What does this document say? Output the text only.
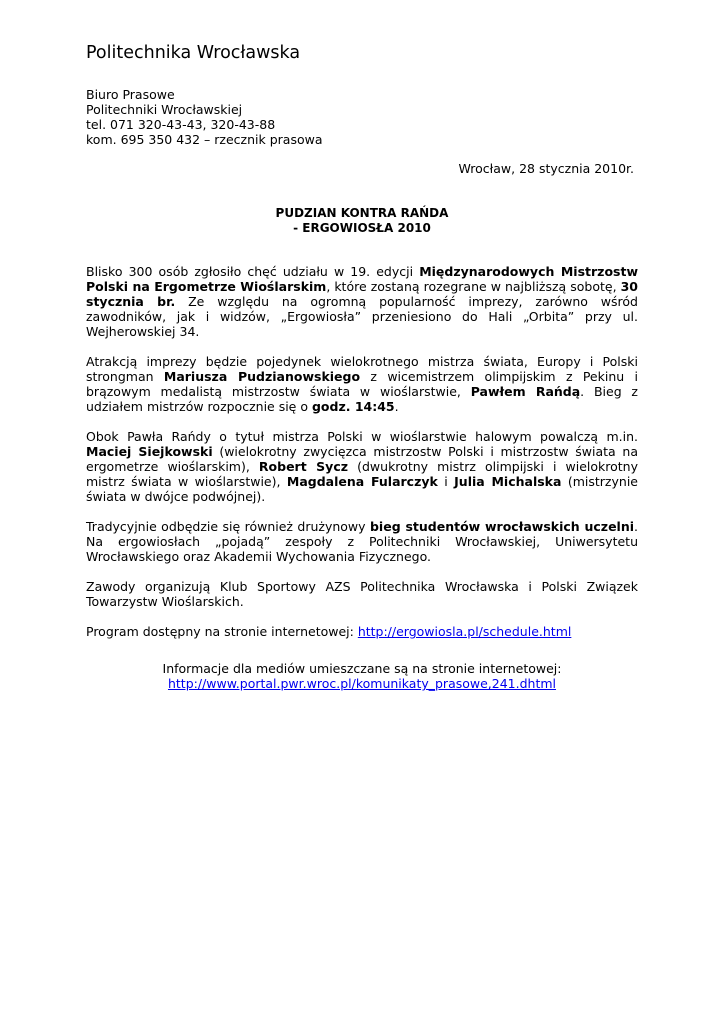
Politechnika Wrocławska
Biuro Prasowe
Politechniki Wrocławskiej
tel. 071 320-43-43, 320-43-88
kom. 695 350 432 – rzecznik prasowa
Wrocław, 28 stycznia 2010r.
PUDZIAN KONTRA RAŃDA
- ERGOWIOSŁA 2010

Blisko 300 osób zgłosiło chęć udziału w 19. edycji Międzynarodowych Mistrzostw Polski na Ergometrze Wioślarskim, które zostaną rozegrane w najbliższą sobotę, 30 stycznia br. Ze względu na ogromną popularność imprezy, zarówno wśród zawodników, jak i widzów, „Ergowiosła” przeniesiono do Hali „Orbita” przy ul. Wejherowskiej 34.

Atrakcją imprezy będzie pojedynek wielokrotnego mistrza świata, Europy i Polski strongman Mariusza Pudzianowskiego z wicemistrzem olimpijskim z Pekinu i brązowym medalistą mistrzostw świata w wioślarstwie, Pawłem Rańdą. Bieg z udziałem mistrzów rozpocznie się o godz. 14:45.

Obok Pawła Rańdy o tytuł mistrza Polski w wioślarstwie halowym powalczą m.in. Maciej Siejkowski (wielokrotny zwycięzca mistrzostw Polski i mistrzostw świata na ergometrze wioślarskim), Robert Sycz (dwukrotny mistrz olimpijski i wielokrotny mistrz świata w wioślarstwie), Magdalena Fularczyk i Julia Michalska (mistrzynie świata w dwójce podwójnej).

Tradycyjnie odbędzie się również drużynowy bieg studentów wrocławskich uczelni. Na ergowiosłach „pojadą” zespoły z Politechniki Wrocławskiej, Uniwersytetu Wrocławskiego oraz Akademii Wychowania Fizycznego.

Zawody organizują Klub Sportowy AZS Politechnika Wrocławska i Polski Związek Towarzystw Wioślarskich.

Program dostępny na stronie internetowej: http://ergowiosla.pl/schedule.html

Informacje dla mediów umieszczane są na stronie internetowej:
http://www.portal.pwr.wroc.pl/komunikaty_prasowe,241.dhtml
